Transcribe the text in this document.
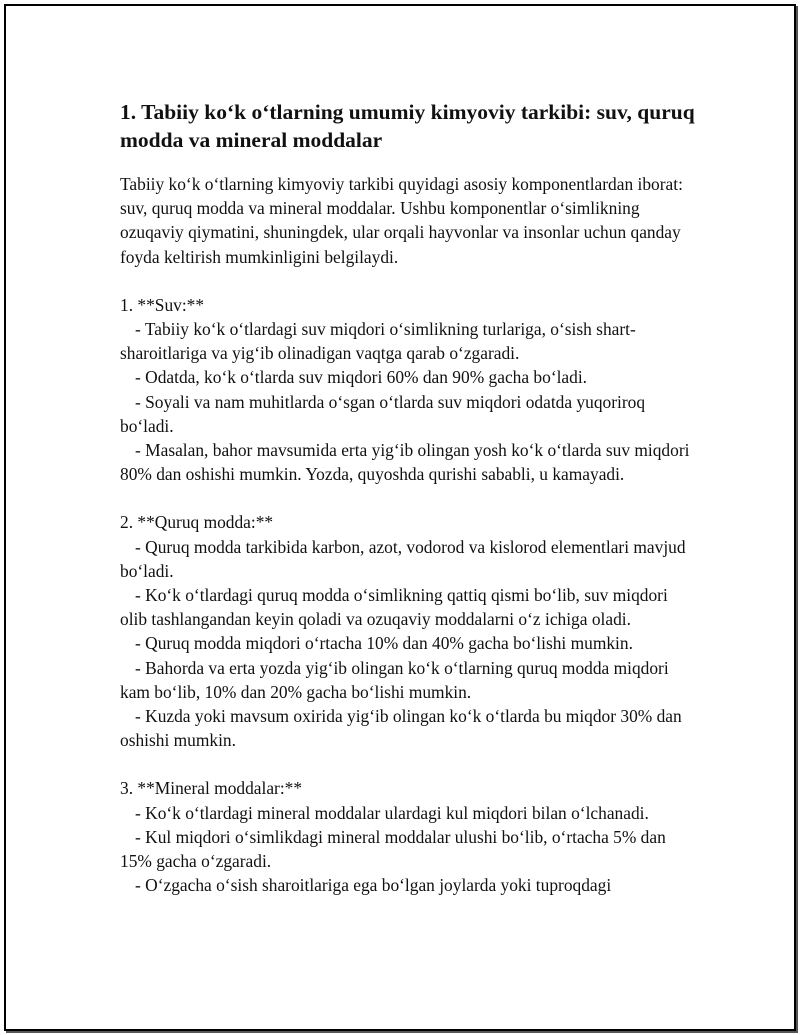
1. Tabiiy koʻk oʻtlarning umumiy kimyoviy tarkibi: suv, quruq modda va mineral moddalar

Tabiiy koʻk oʻtlarning kimyoviy tarkibi quyidagi asosiy komponentlardan iborat: suv, quruq modda va mineral moddalar. Ushbu komponentlar oʻsimlikning ozuqaviy qiymatini, shuningdek, ular orqali hayvonlar va insonlar uchun qanday foyda keltirish mumkinligini belgilaydi.

1. **Suv:**

- Tabiiy koʻk oʻtlardagi suv miqdori oʻsimlikning turlariga, oʻsish shart-sharoitlariga va yigʻib olinadigan vaqtga qarab oʻzgaradi.

- Odatda, koʻk oʻtlarda suv miqdori 60% dan 90% gacha boʻladi.

- Soyali va nam muhitlarda oʻsgan oʻtlarda suv miqdori odatda yuqoriroq boʻladi.

- Masalan, bahor mavsumida erta yigʻib olingan yosh koʻk oʻtlarda suv miqdori 80% dan oshishi mumkin. Yozda, quyoshda qurishi sababli, u kamayadi.

2. **Quruq modda:**

- Quruq modda tarkibida karbon, azot, vodorod va kislorod elementlari mavjud boʻladi.

- Koʻk oʻtlardagi quruq modda oʻsimlikning qattiq qismi boʻlib, suv miqdori olib tashlangandan keyin qoladi va ozuqaviy moddalarni oʻz ichiga oladi.

- Quruq modda miqdori oʻrtacha 10% dan 40% gacha boʻlishi mumkin.

- Bahorda va erta yozda yigʻib olingan koʻk oʻtlarning quruq modda miqdori kam boʻlib, 10% dan 20% gacha boʻlishi mumkin.

- Kuzda yoki mavsum oxirida yigʻib olingan koʻk oʻtlarda bu miqdor 30% dan oshishi mumkin.

3. **Mineral moddalar:**

- Koʻk oʻtlardagi mineral moddalar ulardagi kul miqdori bilan oʻlchanadi.

- Kul miqdori oʻsimlikdagi mineral moddalar ulushi boʻlib, oʻrtacha 5% dan 15% gacha oʻzgaradi.

- Oʻzgacha oʻsish sharoitlariga ega boʻlgan joylarda yoki tuproqdagi
